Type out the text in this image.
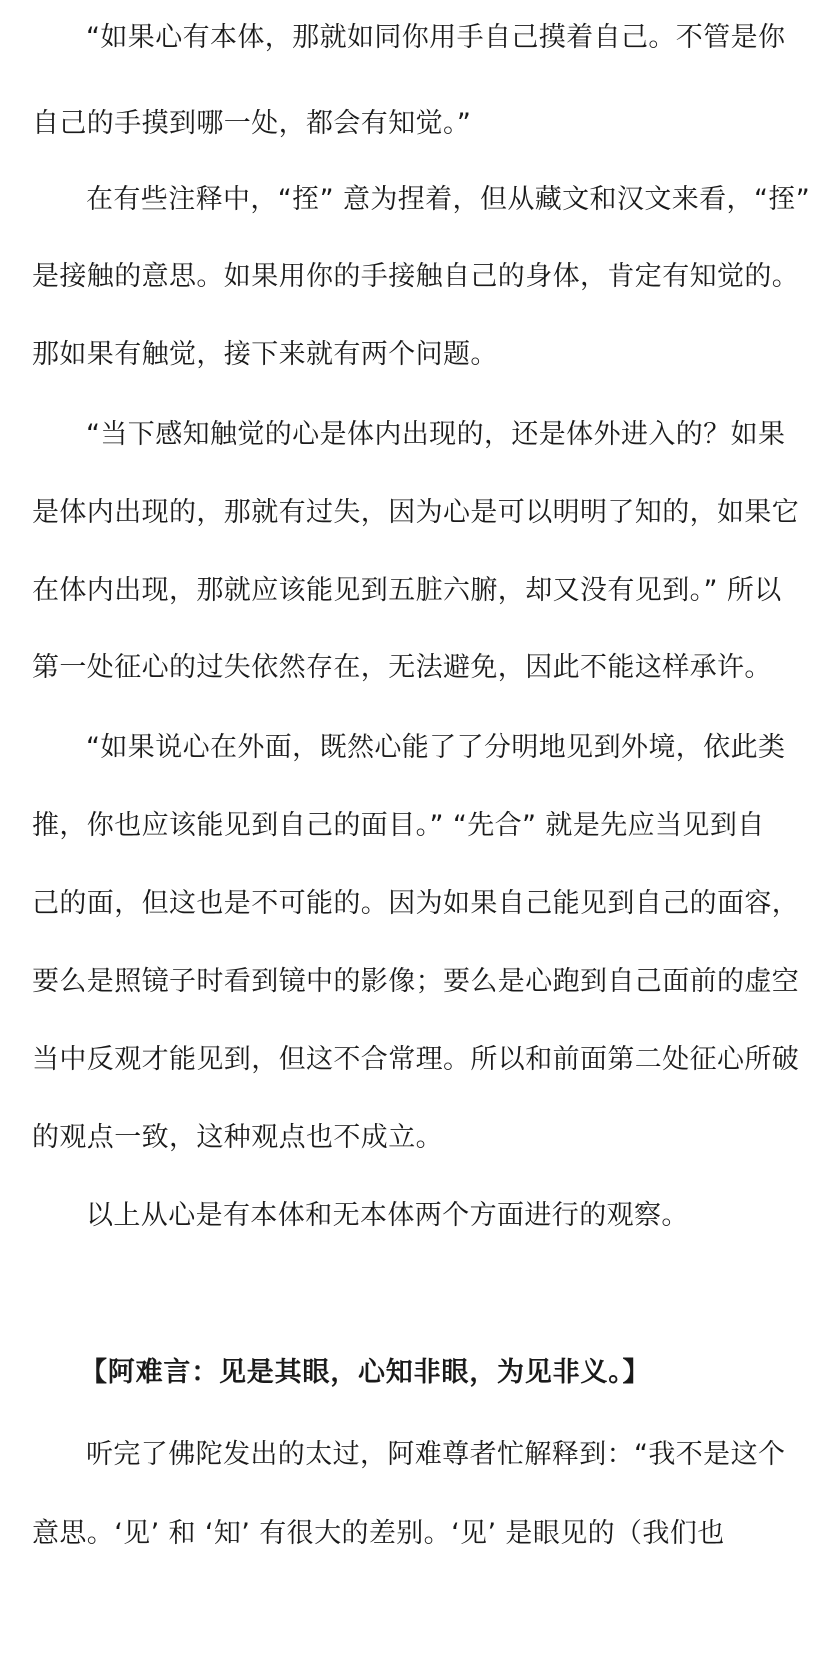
“如果心有本体，那就如同你用手自己摸着自己。不管是你
自己的手摸到哪一处，都会有知觉。”
在有些注释中，“挃” 意为捏着，但从藏文和汉文来看，“挃”
是接触的意思。如果用你的手接触自己的身体，肯定有知觉的。
那如果有触觉，接下来就有两个问题。
“当下感知触觉的心是体内出现的，还是体外进入的？如果
是体内出现的，那就有过失，因为心是可以明明了知的，如果它
在体内出现，那就应该能见到五脏六腑，却又没有见到。” 所以
第一处征心的过失依然存在，无法避免，因此不能这样承许。
“如果说心在外面，既然心能了了分明地见到外境，依此类
推，你也应该能见到自己的面目。” “先合” 就是先应当见到自
己的面，但这也是不可能的。因为如果自己能见到自己的面容，
要么是照镜子时看到镜中的影像；要么是心跑到自己面前的虚空
当中反观才能见到，但这不合常理。所以和前面第二处征心所破
的观点一致，这种观点也不成立。
以上从心是有本体和无本体两个方面进行的观察。
【阿难言：见是其眼，心知非眼，为见非义。】
听完了佛陀发出的太过，阿难尊者忙解释到：“我不是这个
意思。‘见’ 和 ‘知’ 有很大的差别。‘见’ 是眼见的（我们也
